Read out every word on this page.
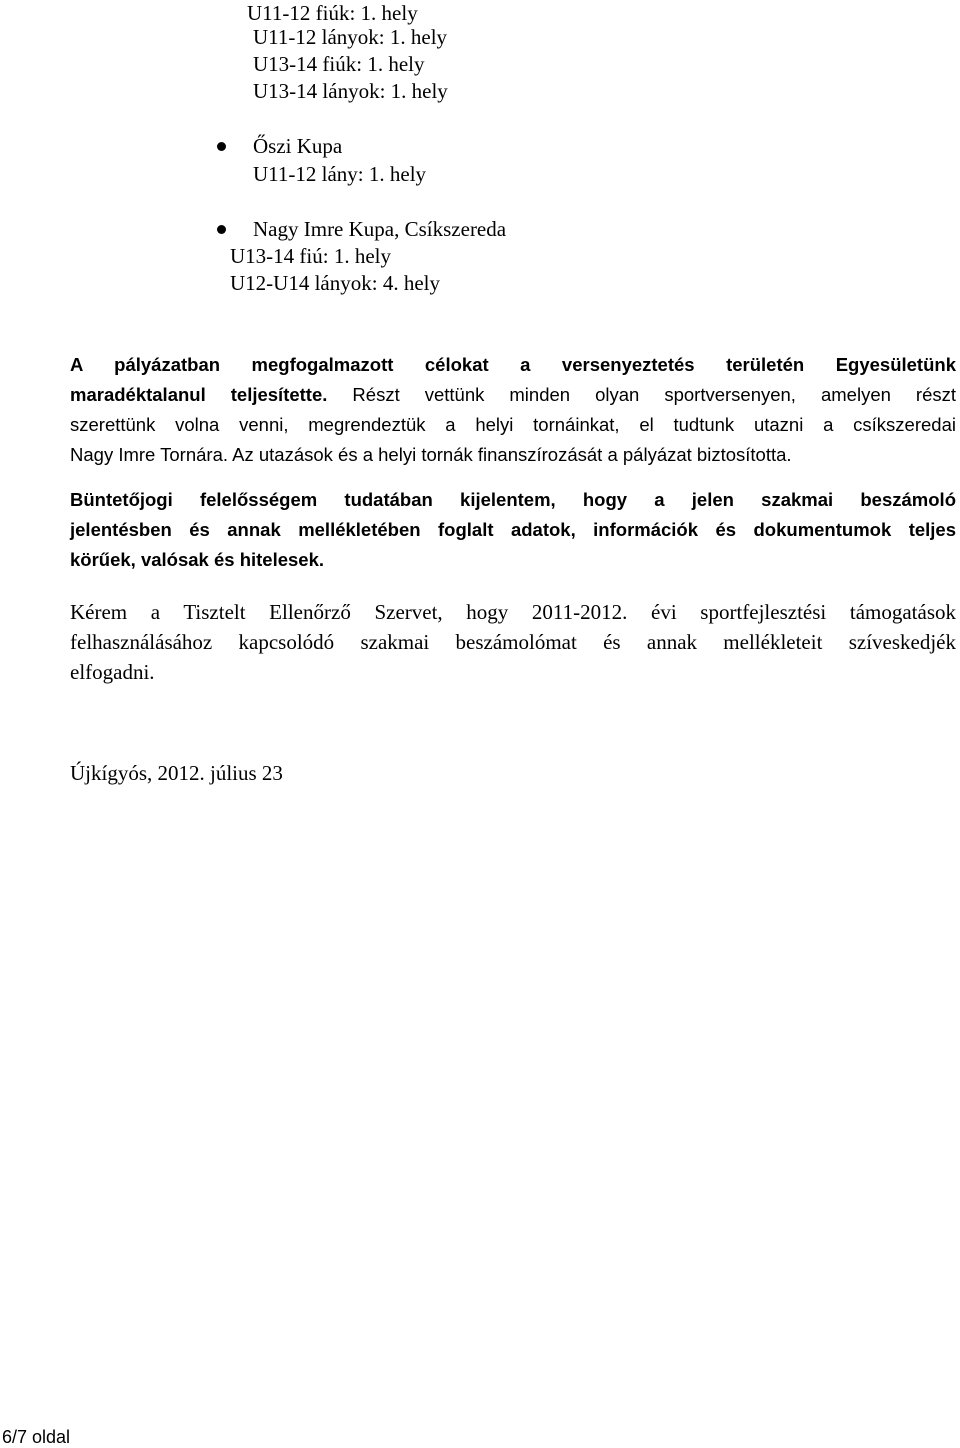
U11-12 fiúk: 1. hely
U11-12 lányok: 1. hely
U13-14 fiúk: 1. hely
U13-14 lányok: 1. hely
Őszi Kupa
U11-12 lány: 1. hely
Nagy Imre Kupa, Csíkszereda
U13-14 fiú: 1. hely
U12-U14 lányok: 4. hely
A pályázatban megfogalmazott célokat a versenyeztetés területén Egyesületünk
maradéktalanul teljesítette. Részt vettünk minden olyan sportversenyen, amelyen részt
szerettünk volna venni, megrendeztük a helyi tornáinkat, el tudtunk utazni a csíkszeredai
Nagy Imre Tornára. Az utazások és a helyi tornák finanszírozását a pályázat biztosította.
Büntetőjogi felelősségem tudatában kijelentem, hogy a jelen szakmai beszámoló
jelentésben és annak mellékletében foglalt adatok, információk és dokumentumok teljes
körűek, valósak és hitelesek.
Kérem a Tisztelt Ellenőrző Szervet, hogy 2011-2012. évi sportfejlesztési támogatások
felhasználásához kapcsolódó szakmai beszámolómat és annak mellékleteit szíveskedjék
elfogadni.
Újkígyós, 2012. július 23
6/7 oldal
